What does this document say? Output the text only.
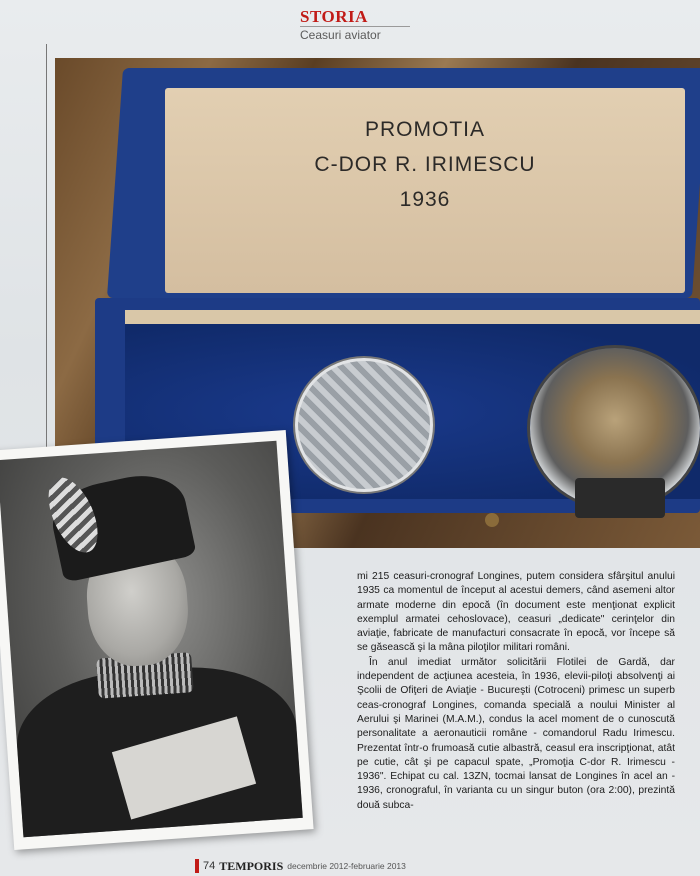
STORIA
Ceasuri aviator
PROMOTIA
C-DOR R. IRIMESCU
1936

mi 215 ceasuri-cronograf Longines, putem considera sfârşitul anului 1935 ca momentul de început al acestui demers, când asemeni altor armate moderne din epocă (în document este menţionat explicit exemplul armatei cehoslovace), ceasuri „dedicate" cerinţelor din aviaţie, fabricate de manufacturi consacrate în epocă, vor începe să se găsească şi la mâna piloţilor militari români.

În anul imediat următor solicitării Flotilei de Gardă, dar independent de acţiunea acesteia, în 1936, elevii-piloţi absolvenţi ai Şcolii de Ofiţeri de Aviaţie - Bucureşti (Cotroceni) primesc un superb ceas-cronograf Longines, comanda specială a noului Minister al Aerului şi Marinei (M.A.M.), condus la acel moment de o cunoscută personalitate a aeronauticii române - comandorul Radu Irimescu. Prezentat într-o frumoasă cutie albastră, ceasul era inscripţionat, atât pe cutie, cât şi pe capacul spate, „Promoţia C-dor R. Irimescu - 1936". Echipat cu cal. 13ZN, tocmai lansat de Longines în acel an - 1936, cronograful, în varianta cu un singur buton (ora 2:00), prezintă două subca-

74 TEMPORIS decembrie 2012-februarie 2013
